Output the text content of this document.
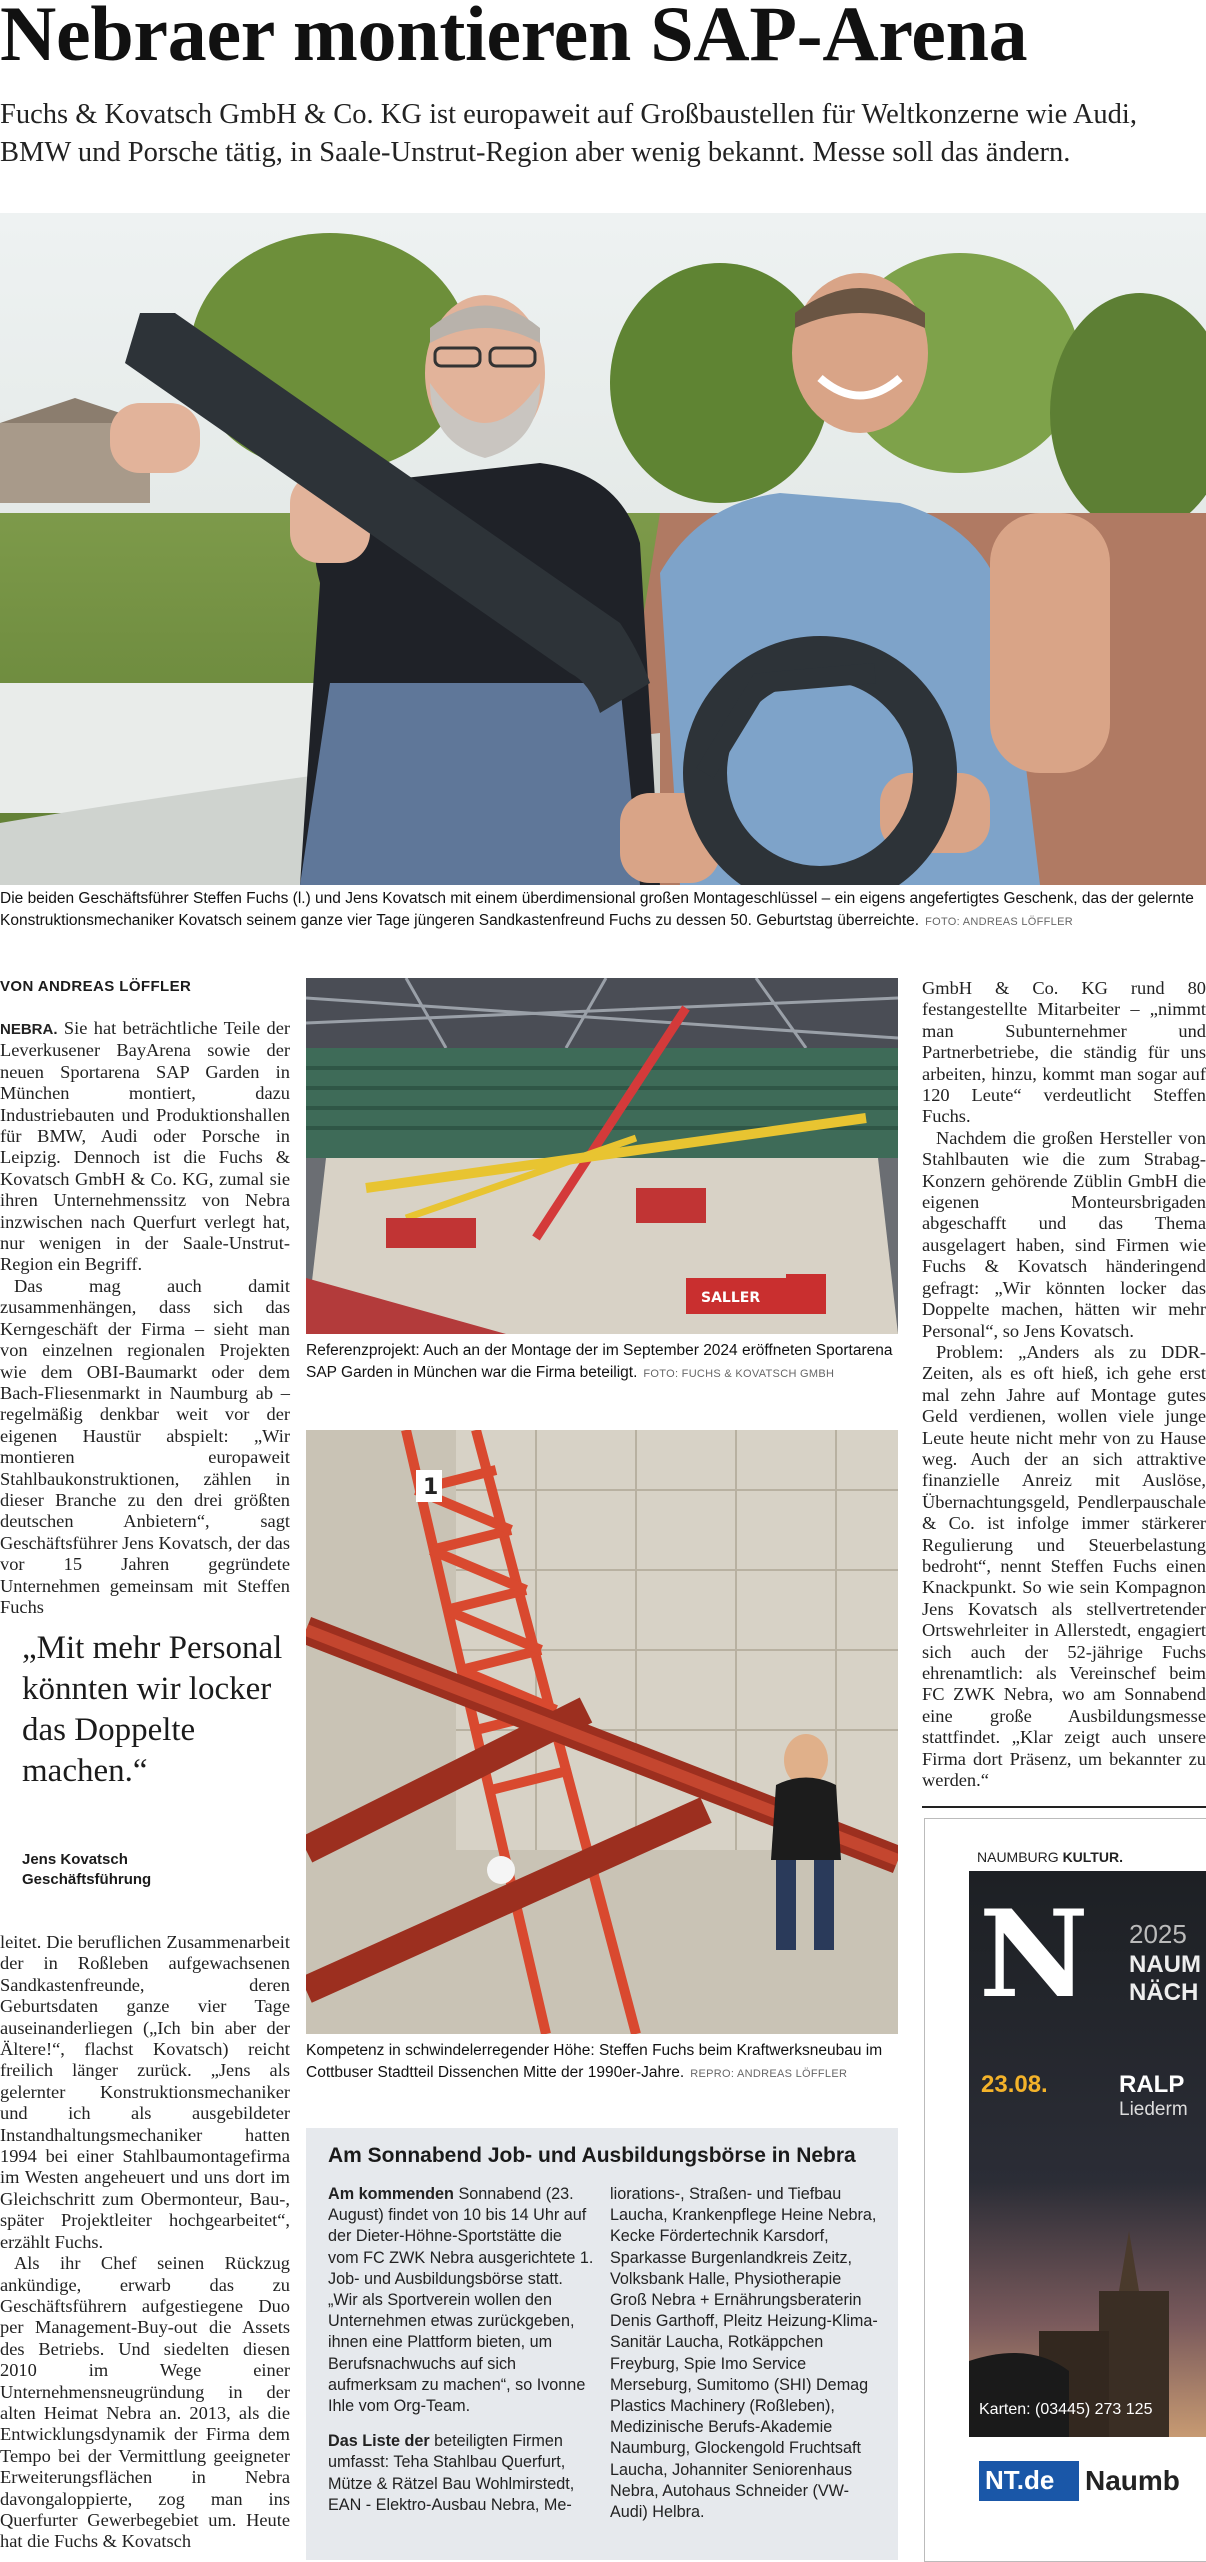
Nebraer montieren SAP-Arena
Fuchs & Kovatsch GmbH & Co. KG ist europaweit auf Großbaustellen für Weltkonzerne wie Audi, BMW und Porsche tätig, in Saale-Unstrut-Region aber wenig bekannt. Messe soll das ändern.
Die beiden Geschäftsführer Steffen Fuchs (l.) und Jens Kovatsch mit einem überdimensional großen Montageschlüssel – ein eigens angefertigtes Geschenk, das der gelernte Konstruktionsmechaniker Kovatsch seinem ganze vier Tage jüngeren Sandkastenfreund Fuchs zu dessen 50. Geburtstag überreichte. FOTO: ANDREAS LÖFFLER
VON ANDREAS LÖFFLER

NEBRA. Sie hat beträchtliche Teile der Leverkusener BayArena sowie der neuen Sportarena SAP Garden in München montiert, dazu Industriebauten und Produktionshallen für BMW, Audi oder Porsche in Leipzig. Dennoch ist die Fuchs & Kovatsch GmbH & Co. KG, zumal sie ihren Unternehmenssitz von Nebra inzwischen nach Querfurt verlegt hat, nur wenigen in der Saale-Unstrut-Region ein Begriff.

Das mag auch damit zusammenhängen, dass sich das Kerngeschäft der Firma – sieht man von einzelnen regionalen Projekten wie dem OBI-Baumarkt oder dem Bach-Fliesenmarkt in Naumburg ab – regelmäßig denkbar weit vor der eigenen Haustür abspielt: „Wir montieren europaweit Stahlbaukonstruktionen, zählen in dieser Branche zu den drei größten deutschen Anbietern“, sagt Geschäftsführer Jens Kovatsch, der das vor 15 Jahren gegründete Unternehmen gemeinsam mit Steffen Fuchs

„Mit mehr Personal könnten wir locker das Doppelte machen.“
Jens Kovatsch
Geschäftsführung

leitet. Die beruflichen Zusammenarbeit der in Roßleben aufgewachsenen Sandkastenfreunde, deren Geburtsdaten ganze vier Tage auseinanderliegen („Ich bin aber der Ältere!“, flachst Kovatsch) reicht freilich länger zurück. „Jens als gelernter Konstruktionsmechaniker und ich als ausgebildeter Instandhaltungsmechaniker hatten 1994 bei einer Stahlbaumontagefirma im Westen angeheuert und uns dort im Gleichschritt zum Obermonteur, Bau-, später Projektleiter hochgearbeitet“, erzählt Fuchs.

Als ihr Chef seinen Rückzug ankündige, erwarb das zu Geschäftsführern aufgestiegene Duo per Management-Buy-out die Assets des Betriebs. Und siedelten diesen 2010 im Wege einer Unternehmensneugründung in der alten Heimat Nebra an. 2013, als die Entwicklungsdynamik der Firma dem Tempo bei der Vermittlung geeigneter Erweiterungsflächen in Nebra davongaloppierte, zog man ins Querfurter Gewerbegebiet um. Heute hat die Fuchs & Kovatsch

SALLER
Referenzprojekt: Auch an der Montage der im September 2024 eröffneten Sportarena SAP Garden in München war die Firma beteiligt. FOTO: FUCHS & KOVATSCH GMBH
1
Kompetenz in schwindelerregender Höhe: Steffen Fuchs beim Kraftwerksneubau im Cottbuser Stadtteil Dissenchen Mitte der 1990er-Jahre. REPRO: ANDREAS LÖFFLER
Am Sonnabend Job- und Ausbildungsbörse in Nebra
Am kommenden Sonnabend (23. August) findet von 10 bis 14 Uhr auf der Dieter-Höhne-Sportstätte die vom FC ZWK Nebra ausgerichtete 1. Job- und Ausbildungsbörse statt. „Wir als Sportverein wollen den Unternehmen etwas zurückgeben, ihnen eine Plattform bieten, um Berufsnachwuchs auf sich aufmerksam zu machen“, so Ivonne Ihle vom Org-Team.
Das Liste der beteiligten Firmen umfasst: Teha Stahlbau Querfurt, Mütze & Rätzel Bau Wohlmirstedt, EAN - Elektro-Ausbau Nebra, Me-
liorations-, Straßen- und Tiefbau Laucha, Krankenpflege Heine Nebra, Kecke Fördertechnik Karsdorf, Sparkasse Burgenlandkreis Zeitz, Volksbank Halle, Physiotherapie Groß Nebra + Ernährungsberaterin Denis Garthoff, Pleitz Heizung-Klima-Sanitär Laucha, Rotkäppchen Freyburg, Spie Imo Service Merseburg, Sumitomo (SHI) Demag Plastics Machinery (Roßleben), Medizinische Berufs-Akademie Naumburg, Glockengold Fruchtsaft Laucha, Johanniter Seniorenhaus Nebra, Autohaus Schneider (VW-Audi) Helbra.

GmbH & Co. KG rund 80 festangestellte Mitarbeiter – „nimmt man Subunternehmer und Partnerbetriebe, die ständig für uns arbeiten, hinzu, kommt man sogar auf 120 Leute“ verdeutlicht Steffen Fuchs.

Nachdem die großen Hersteller von Stahlbauten wie die zum Strabag-Konzern gehörende Züblin GmbH die eigenen Monteursbrigaden abgeschafft und das Thema ausgelagert haben, sind Firmen wie Fuchs & Kovatsch händeringend gefragt: „Wir könnten locker das Doppelte machen, hätten wir mehr Personal“, so Jens Kovatsch.

Problem: „Anders als zu DDR-Zeiten, als es oft hieß, ich gehe erst mal zehn Jahre auf Montage gutes Geld verdienen, wollen viele junge Leute heute nicht mehr von zu Hause weg. Auch der an sich attraktive finanzielle Anreiz mit Auslöse, Übernachtungsgeld, Pendlerpauschale & Co. ist infolge immer stärkerer Regulierung und Steuerbelastung bedroht“, nennt Steffen Fuchs einen Knackpunkt. So wie sein Kompagnon Jens Kovatsch als stellvertretender Ortswehrleiter in Allerstedt, engagiert sich auch der 52-jährige Fuchs ehrenamtlich: als Vereinschef beim FC ZWK Nebra, wo am Sonnabend eine große Ausbildungsmesse stattfindet. „Klar zeigt auch unsere Firma dort Präsenz, um bekannter zu werden.“

NAUMBURG KULTUR.
N 2025
NAUM
NÄCH
23.08.	RALP
Liederm
Karten: (03445) 273 125
NT.de Naumb
